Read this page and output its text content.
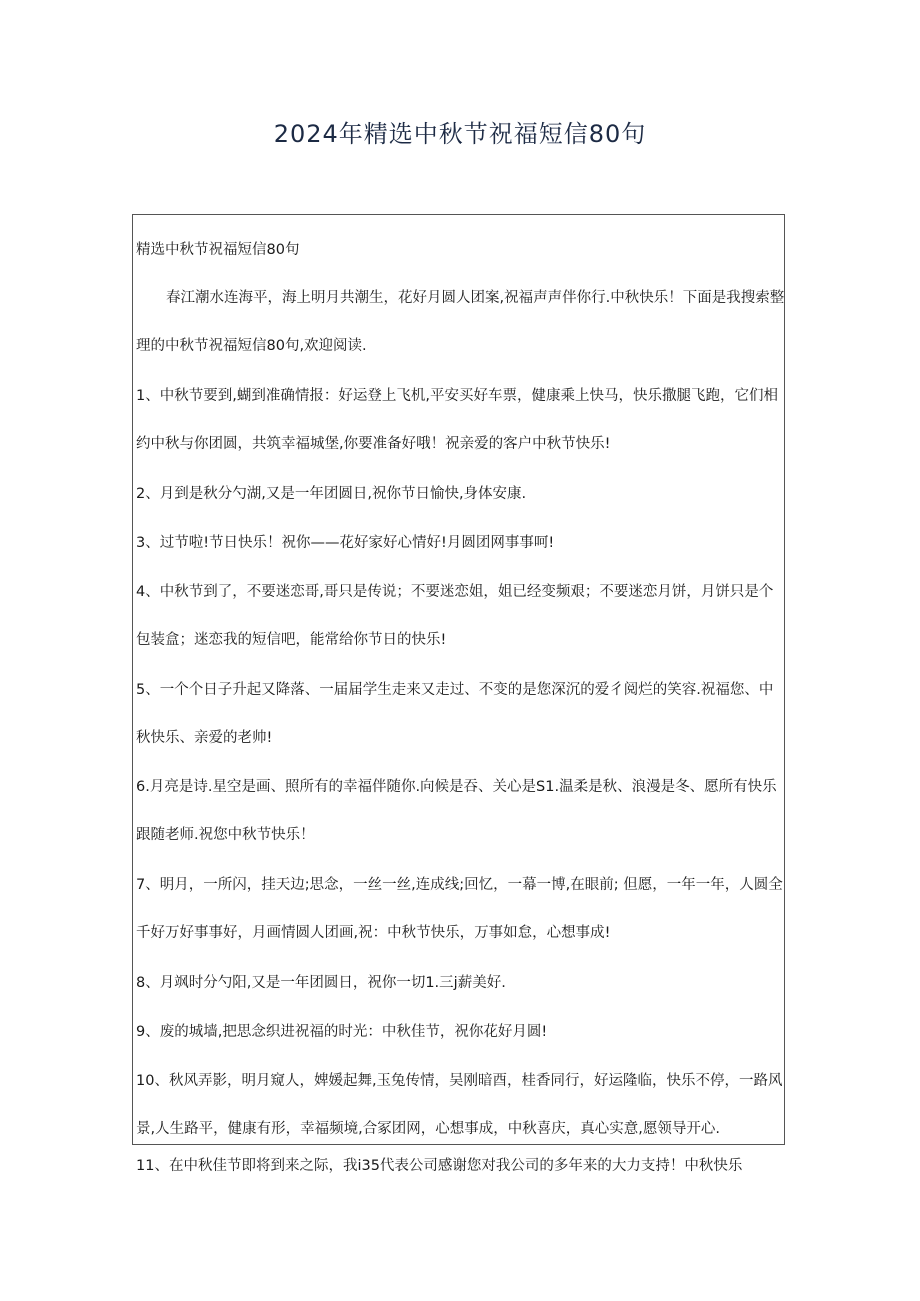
2024年精选中秋节祝福短信80句
精选中秋节祝福短信80句

春江潮水连海平，海上明月共潮生，花好月圆人团案,祝福声声伴你行.中秋快乐！下面是我搜索整

理的中秋节祝福短信80句,欢迎阅读.

1、中秋节要到,蝴到准确情报：好运登上飞机,平安买好车票，健康乘上快马，快乐撒腿飞跑，它们相

约中秋与你团圆，共筑幸福城堡,你要准备好哦！祝亲爱的客户中秋节快乐!

2、月到是秋分勺湖,又是一年团圆日,祝你节日愉快,身体安康.

3、过节啦!节日快乐！祝你——花好家好心情好!月圆团网事事呵!

4、中秋节到了，不要迷恋哥,哥只是传说；不要迷恋姐，姐已经变频艰；不要迷恋月饼，月饼只是个

包装盒；迷恋我的短信吧，能常给你节日的快乐!

5、一个个日子升起又降落、一届届学生走来又走过、不变的是您深沉的爱彳阅烂的笑容.祝福您、中

秋快乐、亲爱的老帅!

6.月亮是诗.星空是画、照所有的幸福伴随你.向候是吞、关心是S1.温柔是秋、浪漫是冬、愿所有快乐

跟随老师.祝您中秋节快乐！

7、明月，一所闪，挂天边;思念，一丝一丝,连成线;回忆，一幕一博,在眼前; 但愿，一年一年，人圆全

千好万好事事好，月画情圆人团画,祝：中秋节快乐，万事如怠，心想事成!

8、月飒时分勺阳,又是一年团圆日，祝你一切1.三j薪美好.

9、废的城墙,把思念织进祝福的时光：中秋佳节，祝你花好月圆!

10、秋风弄影，明月窥人，婢媛起舞,玉兔传情，吴刚暗酉，桂香同行，好运隆临，快乐不停，一路风

景,人生路平，健康有形，幸福频境,合冢团网，心想事成，中秋喜庆，真心实意,愿领导开心.

11、在中秋佳节即将到来之际，我i35代表公司感谢您对我公司的多年来的大力支持！中秋快乐
